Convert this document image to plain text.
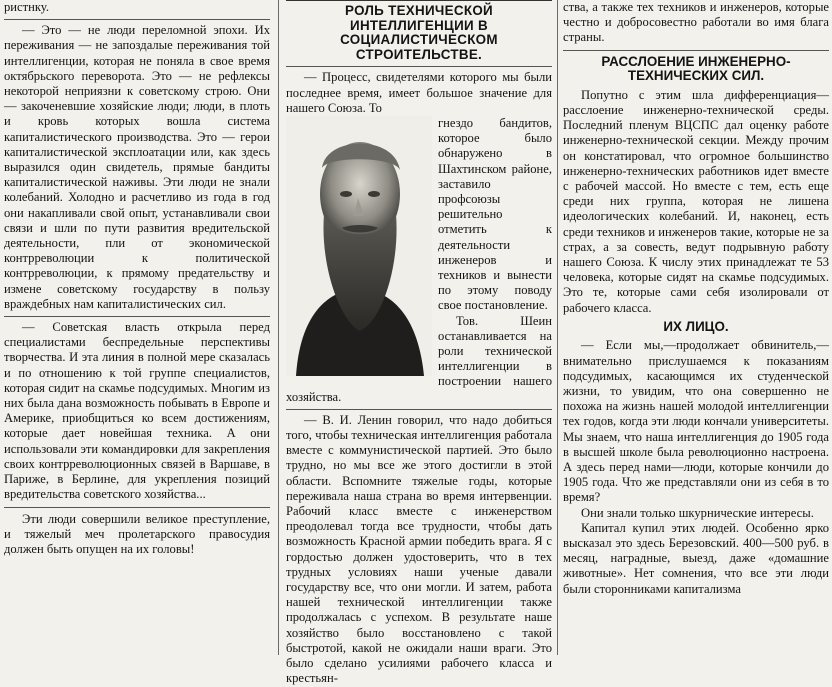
ристнку.

— Это — не люди переломной эпохи. Их переживания — не запоздалые переживания той интеллигенции, которая не поняла в свое время октябрьского переворота. Это — не рефлексы некоторой неприязни к советскому строю. Они — закоченевшие хозяйские люди; люди, в плоть и кровь которых вошла система капиталистического производства. Это — герои капиталистической эксплоатации или, как здесь выразился один свидетель, прямые бандиты капиталистической наживы. Эти люди не знали колебаний. Холодно и расчетливо из года в год они накапливали свой опыт, устанавливали свои связи и шли по пути развития вредительской деятельности, пли от экономической контрреволюции к политической контрреволюции, к прямому предательству и измене советскому государству в пользу враждебных нам капиталистических сил.

— Советская власть открыла перед специалистами беспредельные перспективы творчества. И эта линия в полной мере сказалась и по отношению к той группе специалистов, которая сидит на скамье подсудимых. Многим из них была дана возможность побывать в Европе и Америке, приобщиться ко всем достижениям, которые дает новейшая техника. А они использовали эти командировки для закрепления своих контрреволюционных связей в Варшаве, в Париже, в Берлине, для укрепления позиций вредительства советского хозяйства...

Эти люди совершили великое преступление, и тяжелый меч пролетарского правосудия должен быть опущен на их головы!

РОЛЬ ТЕХНИЧЕСКОЙ ИНТЕЛЛИГЕНЦИИ В СОЦИАЛИСТИЧЕСКОМ СТРОИТЕЛЬСТВЕ.

— Процесс, свидетелями которого мы были последнее время, имеет большое значение для нашего Союза. То

гнездо бандитов, которое было обнаружено в Шахтинском районе, заставило профсоюзы решительно отметить к деятельности инженеров и техников и вынести по этому поводу свое постановление.

Тов. Шеин останавливается на роли технической интеллигенции в построении нашего хозяйства.

— В. И. Ленин говорил, что надо добиться того, чтобы техническая интеллигенция работала вместе с коммунистической партией. Это было трудно, но мы все же этого достигли в этой области. Вспомните тяжелые годы, которые переживала наша страна во время интервенции. Рабочий класс вместе с инженерством преодолевал тогда все трудности, чтобы дать возможность Красной армии победить врага. Я с гордостью должен удостоверить, что в тех трудных условиях наши ученые давали государству все, что они могли. И затем, работа нашей технической интеллигенции также продолжалась с успехом. В результате наше хозяйство было восстановлено с такой быстротой, какой не ожидали наши враги. Это было сделано усилиями рабочего класса и крестьян-

ства, а также тех техников и инженеров, которые честно и добросовестно работали во имя блага страны.

РАССЛОЕНИЕ ИНЖЕНЕРНО-ТЕХНИЧЕСКИХ СИЛ.

Попутно с этим шла дифференциация—расслоение инженерно-технической среды. Последний пленум ВЦСПС дал оценку работе инженерно-технической секции. Между прочим он констатировал, что огромное большинство инженерно-технических работников идет вместе с рабочей массой. Но вместе с тем, есть еще среди них группа, которая не лишена идеологических колебаний. И, наконец, есть среди техников и инженеров такие, которые не за страх, а за совесть, ведут подрывную работу нашего Союза. К числу этих принадлежат те 53 человека, которые сидят на скамье подсудимых. Это те, которые сами себя изолировали от рабочего класса.

ИХ ЛИЦО.

— Если мы,—продолжает обвинитель,—внимательно прислушаемся к показаниям подсудимых, касающимся их студенческой жизни, то увидим, что она совершенно не похожа на жизнь нашей молодой интеллигенции тех годов, когда эти люди кончали университеты. Мы знаем, что наша интеллигенция до 1905 года в высшей школе была революционно настроена. А здесь перед нами—люди, которые кончили до 1905 года. Что же представляли они из себя в то время?

Они знали только шкурнические интересы.

Капитал купил этих людей. Особенно ярко высказал это здесь Березовский. 400—500 руб. в месяц, наградные, выезд, даже «домашние животные». Нет сомнения, что все эти люди были сторонниками капитализма
